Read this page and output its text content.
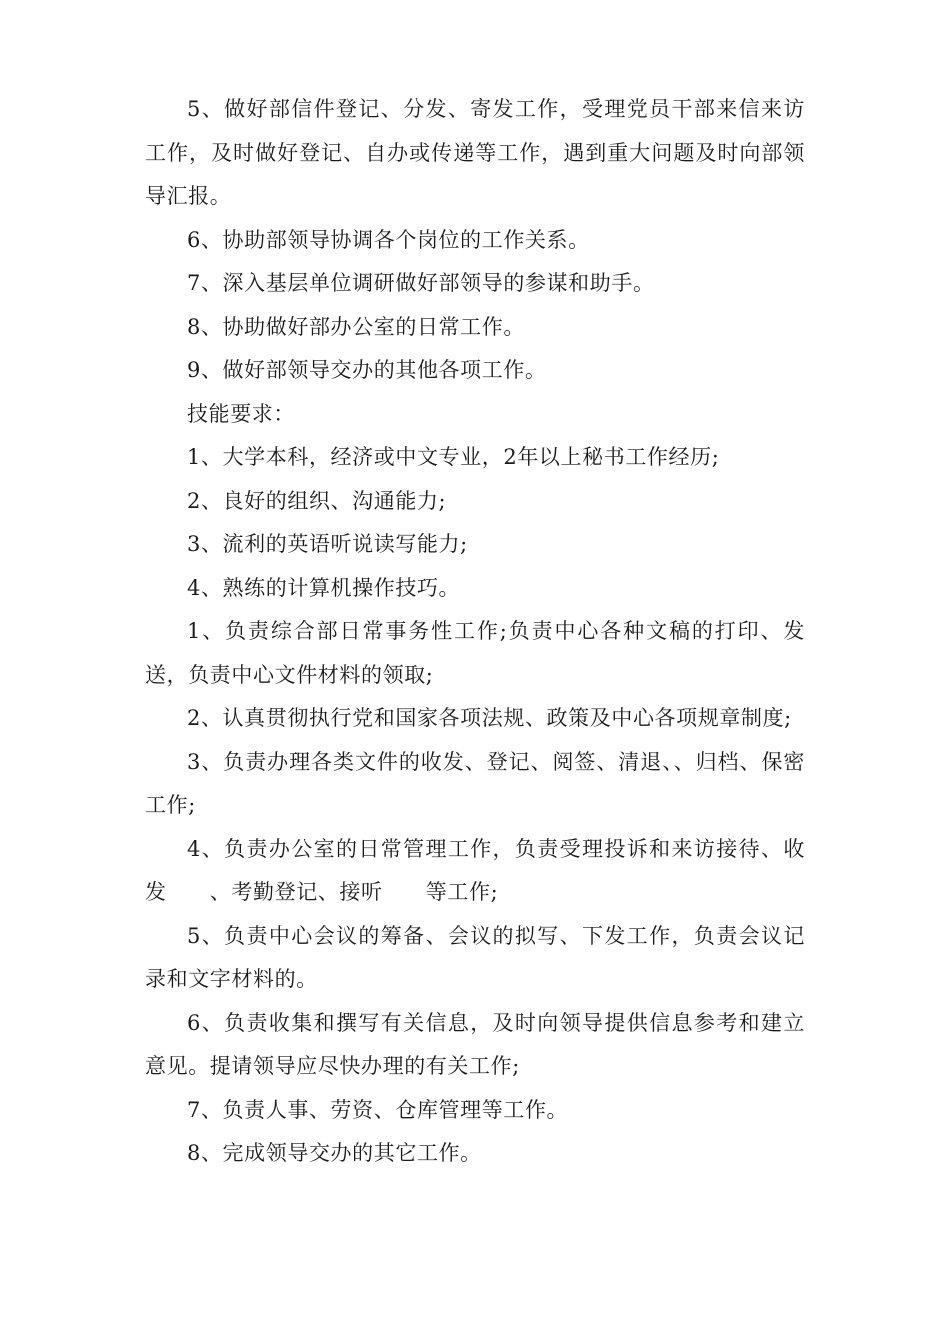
5、做好部信件登记、分发、寄发工作，受理党员干部来信来访工作，及时做好登记、自办或传递等工作，遇到重大问题及时向部领导汇报。

6、协助部领导协调各个岗位的工作关系。

7、深入基层单位调研做好部领导的参谋和助手。

8、协助做好部办公室的日常工作。

9、做好部领导交办的其他各项工作。

技能要求：

1、大学本科，经济或中文专业，2年以上秘书工作经历;

2、良好的组织、沟通能力;

3、流利的英语听说读写能力;

4、熟练的计算机操作技巧。

1、负责综合部日常事务性工作;负责中心各种文稿的打印、发送，负责中心文件材料的领取;

2、认真贯彻执行党和国家各项法规、政策及中心各项规章制度;

3、负责办理各类文件的收发、登记、阅签、清退、、归档、保密工作;

4、负责办公室的日常管理工作，负责受理投诉和来访接待、收发　　、考勤登记、接听　　等工作;

5、负责中心会议的筹备、会议的拟写、下发工作，负责会议记录和文字材料的。

6、负责收集和撰写有关信息，及时向领导提供信息参考和建立意见。提请领导应尽快办理的有关工作;

7、负责人事、劳资、仓库管理等工作。

8、完成领导交办的其它工作。
